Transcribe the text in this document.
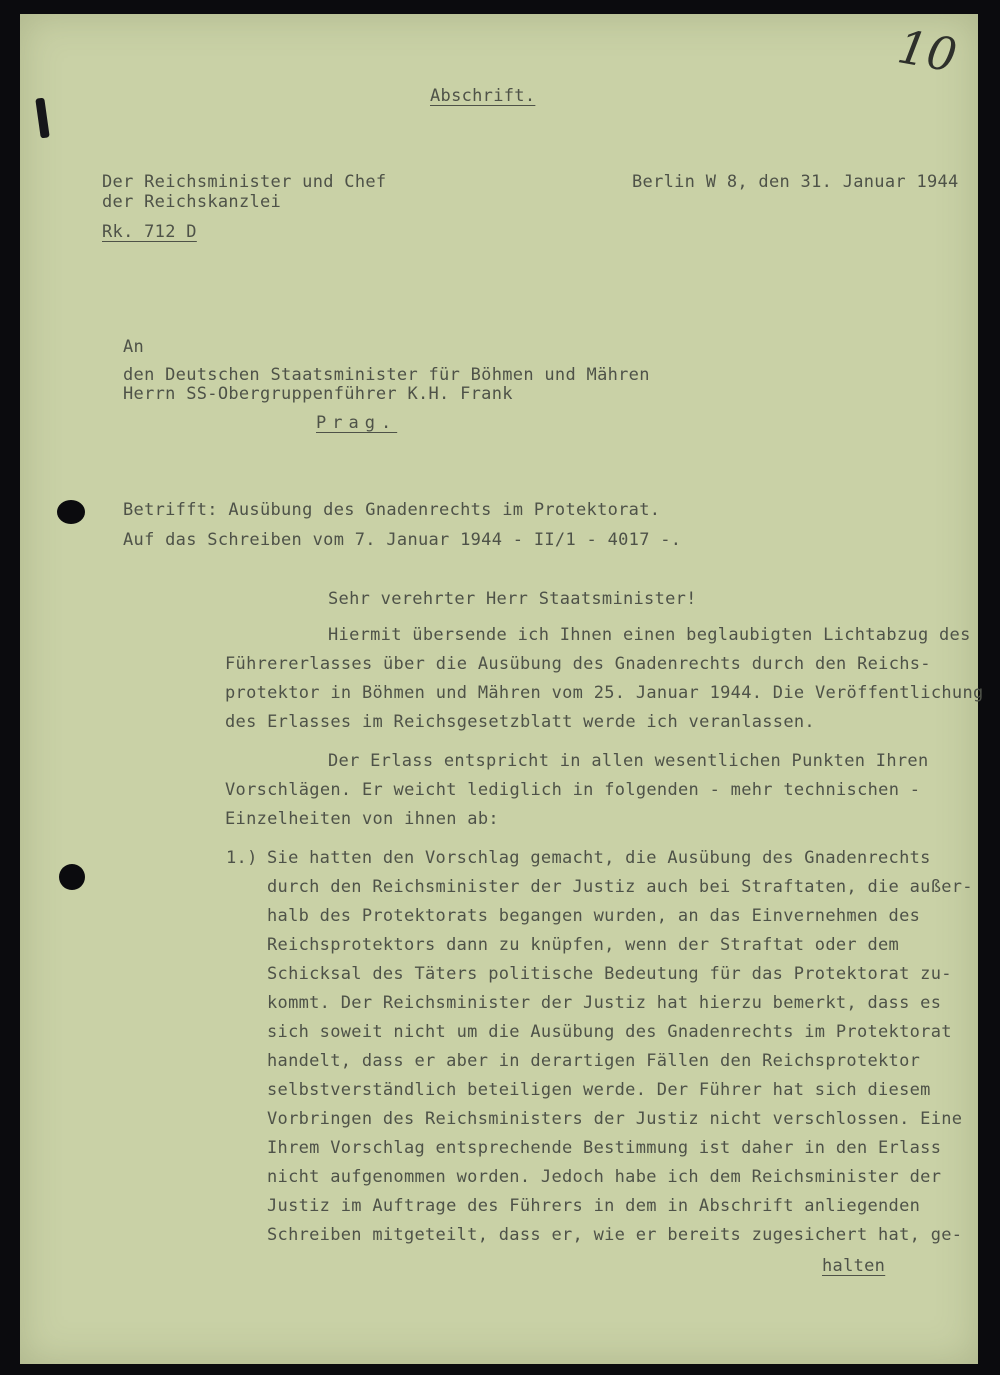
10
Abschrift.
Der Reichsminister und Chef
der Reichskanzlei
Rk. 712 D
Berlin W 8, den 31. Januar 1944
An
den Deutschen Staatsminister für Böhmen und Mähren
Herrn SS-Obergruppenführer K.H. Frank
Prag.
Betrifft: Ausübung des Gnadenrechts im Protektorat.
Auf das Schreiben vom 7. Januar 1944 - II/1 - 4017 -.
Sehr verehrter Herr Staatsminister!
Hiermit übersende ich Ihnen einen beglaubigten Lichtabzug des
Führererlasses über die Ausübung des Gnadenrechts durch den Reichs-
protektor in Böhmen und Mähren vom 25. Januar 1944. Die Veröffentlichung
des Erlasses im Reichsgesetzblatt werde ich veranlassen.
Der Erlass entspricht in allen wesentlichen Punkten Ihren
Vorschlägen. Er weicht lediglich in folgenden - mehr technischen -
Einzelheiten von ihnen ab:
1.) Sie hatten den Vorschlag gemacht, die Ausübung des Gnadenrechts
durch den Reichsminister der Justiz auch bei Straftaten, die außer-
halb des Protektorats begangen wurden, an das Einvernehmen des
Reichsprotektors dann zu knüpfen, wenn der Straftat oder dem
Schicksal des Täters politische Bedeutung für das Protektorat zu-
kommt. Der Reichsminister der Justiz hat hierzu bemerkt, dass es
sich soweit nicht um die Ausübung des Gnadenrechts im Protektorat
handelt, dass er aber in derartigen Fällen den Reichsprotektor
selbstverständlich beteiligen werde. Der Führer hat sich diesem
Vorbringen des Reichsministers der Justiz nicht verschlossen. Eine
Ihrem Vorschlag entsprechende Bestimmung ist daher in den Erlass
nicht aufgenommen worden. Jedoch habe ich dem Reichsminister der
Justiz im Auftrage des Führers in dem in Abschrift anliegenden
Schreiben mitgeteilt, dass er, wie er bereits zugesichert hat, ge-
halten
